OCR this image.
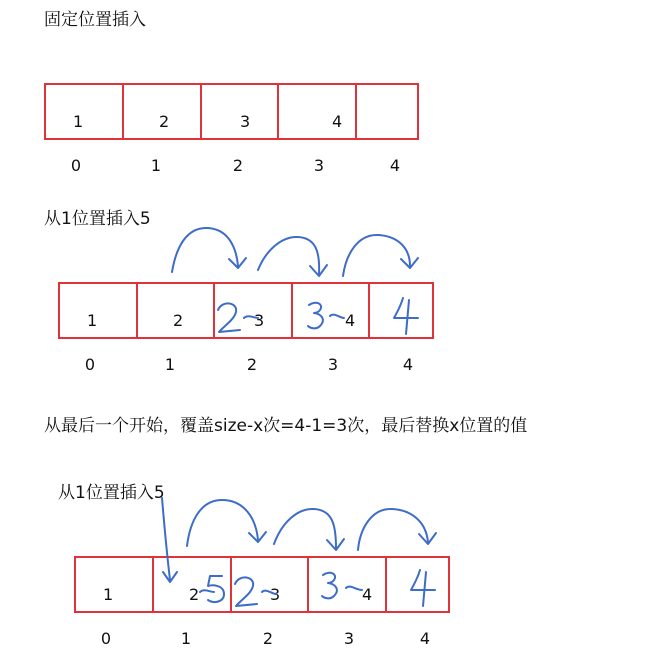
固定位置插入
从1位置插入5
从最后一个开始，覆盖size-x次=4-1=3次，最后替换x位置的值
从1位置插入5
1	2	3	4
0	1	2	3	4
1	2	3	4
0	1	2	3	4
1	2	3	4
0	1	2	3	4
